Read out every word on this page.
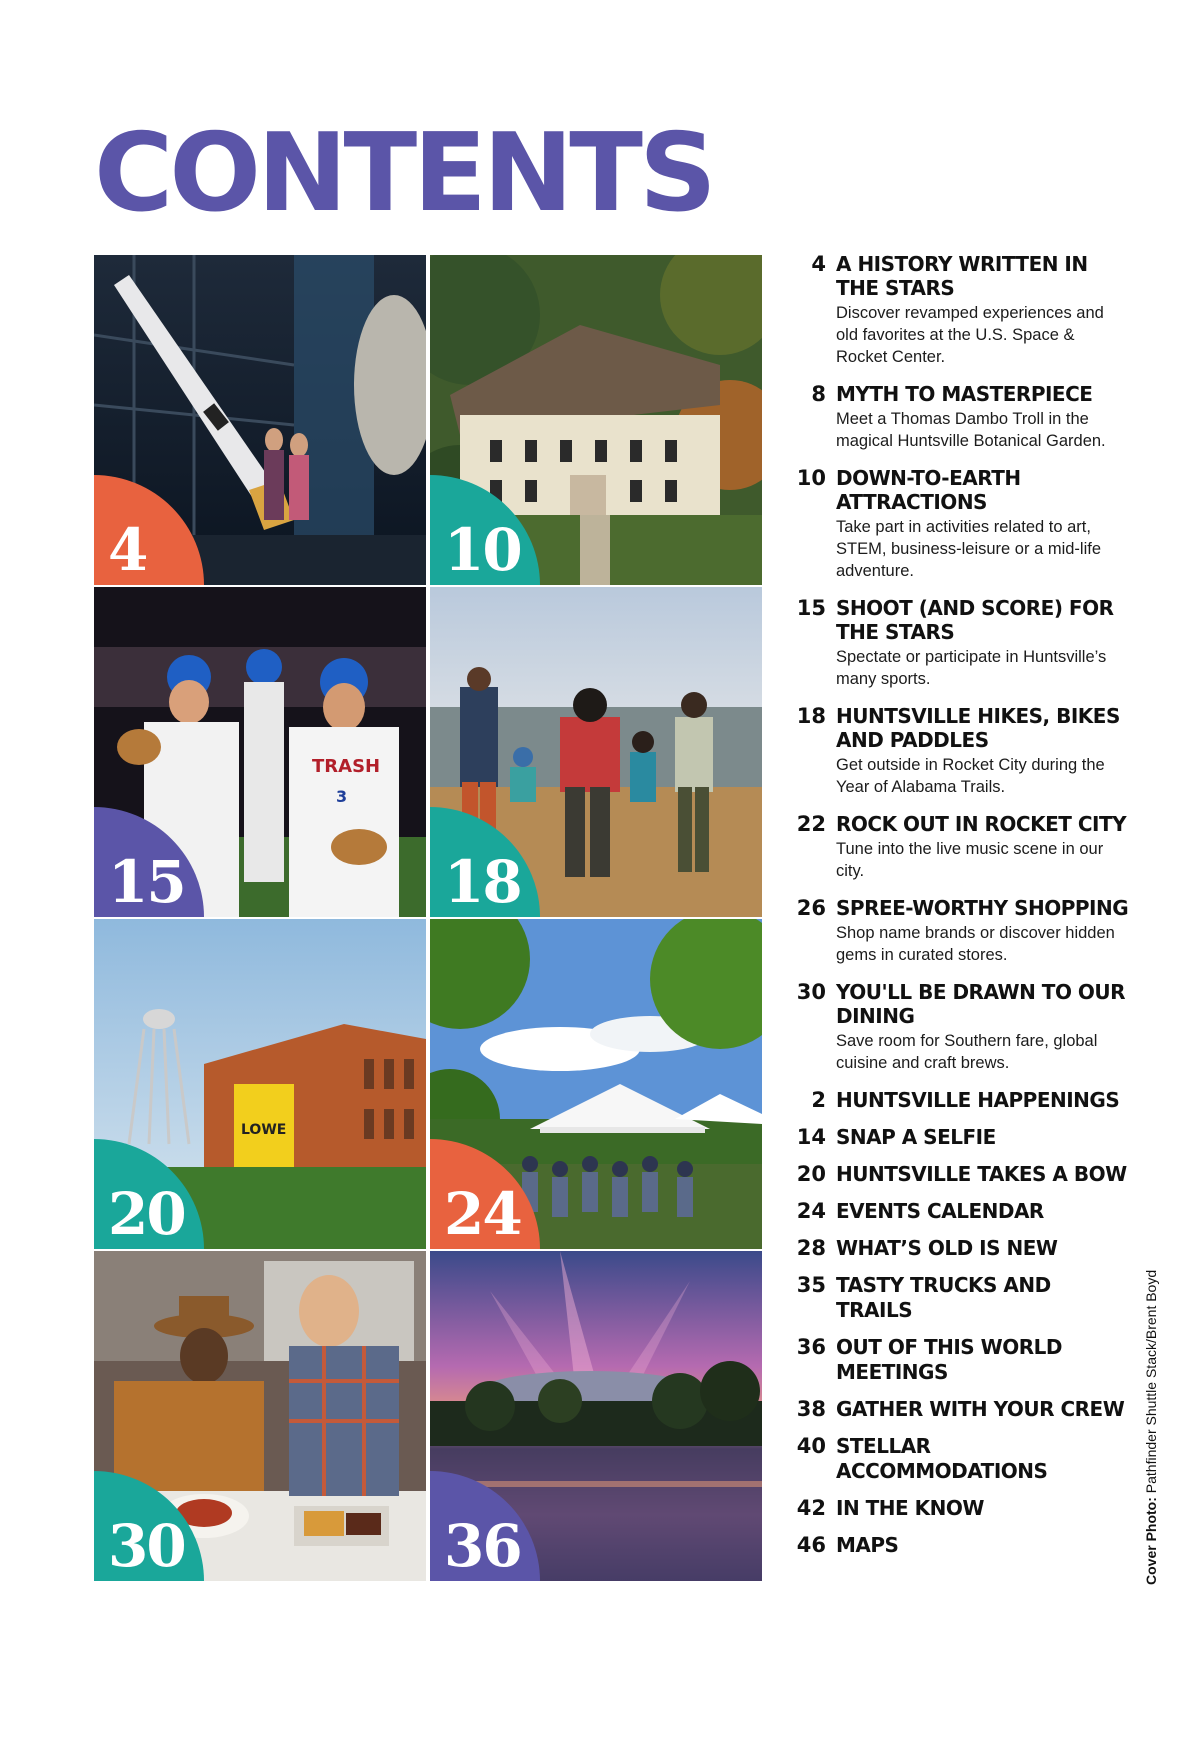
CONTENTS
4	10
TRASH
3
15	18
LOWE
20	24
30	36
4 A HISTORY WRITTEN IN THE STARS
Discover revamped experiences and old favorites at the U.S. Space & Rocket Center.
8 MYTH TO MASTERPIECE
Meet a Thomas Dambo Troll in the magical Huntsville Botanical Garden.
10 DOWN-TO-EARTH ATTRACTIONS
Take part in activities related to art, STEM, business-leisure or a mid-life adventure.
15 SHOOT (AND SCORE) FOR THE STARS
Spectate or participate in Huntsville’s many sports.
18 HUNTSVILLE HIKES, BIKES AND PADDLES
Get outside in Rocket City during the Year of Alabama Trails.
22 ROCK OUT IN ROCKET CITY
Tune into the live music scene in our city.
26 SPREE-WORTHY SHOPPING
Shop name brands or discover hidden gems in curated stores.
30 YOU'LL BE DRAWN TO OUR DINING
Save room for Southern fare, global cuisine and craft brews.
2 HUNTSVILLE HAPPENINGS
14 SNAP A SELFIE
20 HUNTSVILLE TAKES A BOW
24 EVENTS CALENDAR
28 WHAT’S OLD IS NEW
35 TASTY TRUCKS AND TRAILS
36 OUT OF THIS WORLD MEETINGS
38 GATHER WITH YOUR CREW
40 STELLAR ACCOMMODATIONS
42 IN THE KNOW
46 MAPS	Cover Photo: Pathfinder Shuttle Stack/Brent Boyd
